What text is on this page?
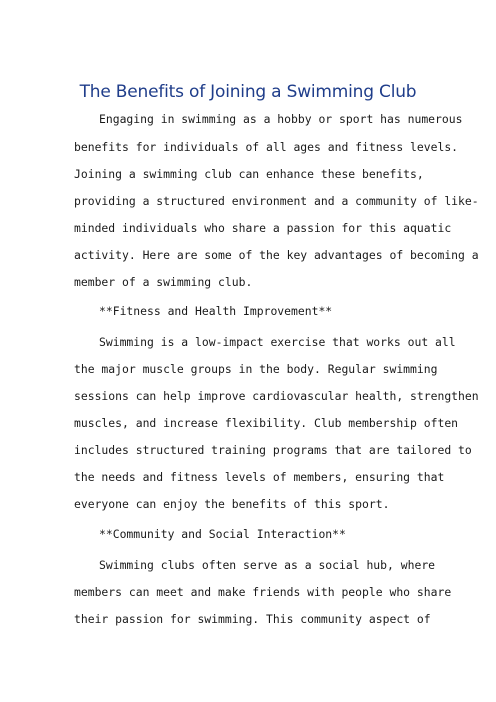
The Benefits of Joining a Swimming Club
Engaging in swimming as a hobby or sport has numerous
benefits for individuals of all ages and fitness levels.
Joining a swimming club can enhance these benefits,
providing a structured environment and a community of like-
minded individuals who share a passion for this aquatic
activity. Here are some of the key advantages of becoming a
member of a swimming club.
**Fitness and Health Improvement**
Swimming is a low-impact exercise that works out all
the major muscle groups in the body. Regular swimming
sessions can help improve cardiovascular health, strengthen
muscles, and increase flexibility. Club membership often
includes structured training programs that are tailored to
the needs and fitness levels of members, ensuring that
everyone can enjoy the benefits of this sport.
**Community and Social Interaction**
Swimming clubs often serve as a social hub, where
members can meet and make friends with people who share
their passion for swimming. This community aspect of
